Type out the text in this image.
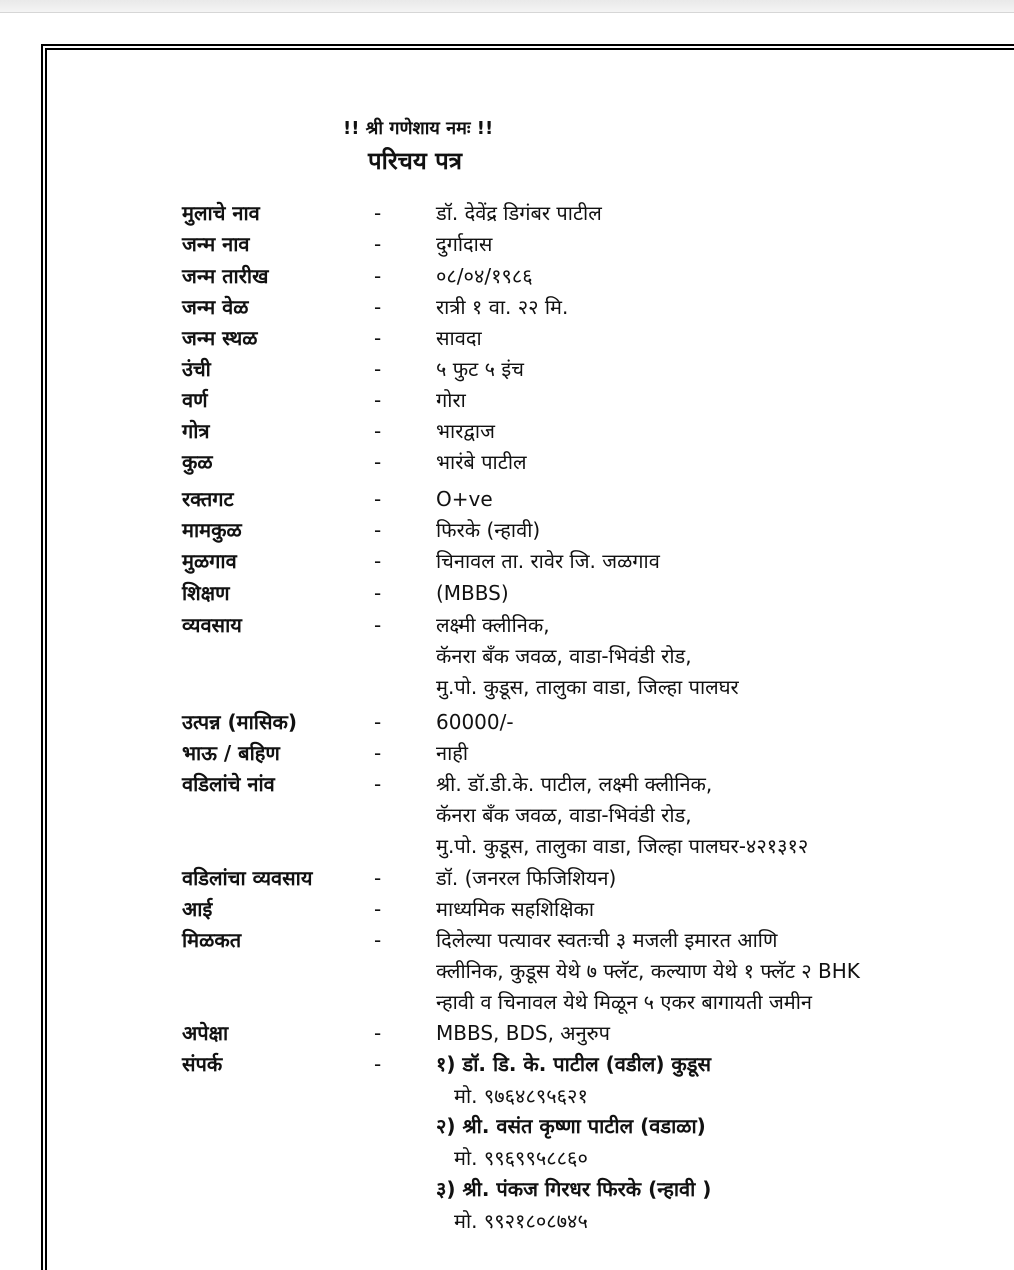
!! श्री गणेशाय नमः !!
परिचय पत्र
मुलाचे नाव	-	डॉ. देवेंद्र डिगंबर पाटील
जन्म नाव	-	दुर्गादास
जन्म तारीख	-	०८/०४/१९८६
जन्म वेळ	-	रात्री १ वा. २२ मि.
जन्म स्थळ	-	सावदा
उंची	-	५ फुट ५ इंच
वर्ण	-	गोरा
गोत्र	-	भारद्वाज
कुळ	-	भारंबे पाटील
रक्तगट	-	O+ve
मामकुळ	-	फिरके (न्हावी)
मुळगाव	-	चिनावल ता. रावेर जि. जळगाव
शिक्षण	-	(MBBS)
व्यवसाय	-	लक्ष्मी क्लीनिक,
कॅनरा बॅंक जवळ, वाडा-भिवंडी रोड,
मु.पो. कुडूस, तालुका वाडा, जिल्हा पालघर
उत्पन्न (मासिक)	-	60000/-
भाऊ / बहिण	-	नाही
वडिलांचे नांव	-	श्री. डॉ.डी.के. पाटील, लक्ष्मी क्लीनिक,
कॅनरा बॅंक जवळ, वाडा-भिवंडी रोड,
मु.पो. कुडूस, तालुका वाडा, जिल्हा पालघर-४२१३१२
वडिलांचा व्यवसाय	-	डॉ. (जनरल फिजिशियन)
आई	-	माध्यमिक सहशिक्षिका
मिळकत	-	दिलेल्या पत्यावर स्वतःची ३ मजली इमारत आणि
क्लीनिक, कुडूस येथे ७ फ्लॅट, कल्याण येथे १ फ्लॅट २ BHK
न्हावी व चिनावल येथे मिळून ५ एकर बागायती जमीन
अपेक्षा	-	MBBS, BDS, अनुरुप
संपर्क	-	१) डॉ. डि. के. पाटील (वडील) कुडूस
मो. ९७६४८९५६२१
२) श्री. वसंत कृष्णा पाटील (वडाळा)
मो. ९९६९९५८८६०
३) श्री. पंकज गिरधर फिरके (न्हावी )
मो. ९९२१८०८७४५
